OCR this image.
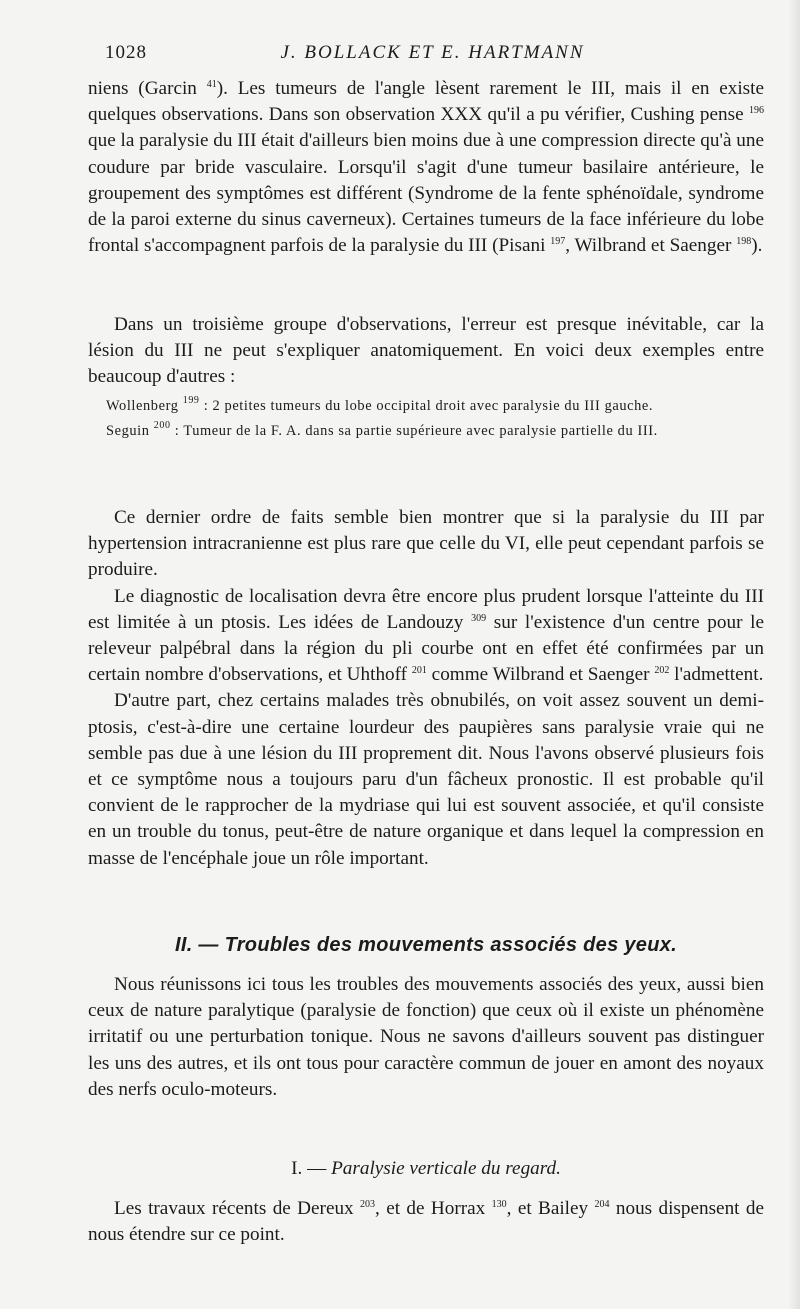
1028	J. BOLLACK ET E. HARTMANN

niens (Garcin $^{41}$). Les tumeurs de l'angle lèsent rarement le III, mais il en existe quelques observations. Dans son observation XXX qu'il a pu vérifier, Cushing pense $^{196}$ que la paralysie du III était d'ailleurs bien moins due à une compression directe qu'à une coudure par bride vasculaire. Lorsqu'il s'agit d'une tumeur basilaire antérieure, le groupement des symptômes est différent (Syndrome de la fente sphénoïdale, syndrome de la paroi externe du sinus caverneux). Certaines tumeurs de la face inférieure du lobe frontal s'accompagnent parfois de la paralysie du III (Pisani $^{197}$, Wilbrand et Saenger $^{198}$).

Dans un troisième groupe d'observations, l'erreur est presque inévitable, car la lésion du III ne peut s'expliquer anatomiquement. En voici deux exemples entre beaucoup d'autres :

Wollenberg $^{199}$ : 2 petites tumeurs du lobe occipital droit avec paralysie du III gauche.

Seguin $^{200}$ : Tumeur de la F. A. dans sa partie supérieure avec paralysie partielle du III.

Ce dernier ordre de faits semble bien montrer que si la paralysie du III par hypertension intracranienne est plus rare que celle du VI, elle peut cependant parfois se produire.

Le diagnostic de localisation devra être encore plus prudent lorsque l'atteinte du III est limitée à un ptosis. Les idées de Landouzy $^{309}$ sur l'existence d'un centre pour le releveur palpébral dans la région du pli courbe ont en effet été confirmées par un certain nombre d'observations, et Uhthoff $^{201}$ comme Wilbrand et Saenger $^{202}$ l'admettent.

D'autre part, chez certains malades très obnubilés, on voit assez souvent un demi-ptosis, c'est-à-dire une certaine lourdeur des paupières sans paralysie vraie qui ne semble pas due à une lésion du III proprement dit. Nous l'avons observé plusieurs fois et ce symptôme nous a toujours paru d'un fâcheux pronostic. Il est probable qu'il convient de le rapprocher de la mydriase qui lui est souvent associée, et qu'il consiste en un trouble du tonus, peut-être de nature organique et dans lequel la compression en masse de l'encéphale joue un rôle important.

II. — Troubles des mouvements associés des yeux.

Nous réunissons ici tous les troubles des mouvements associés des yeux, aussi bien ceux de nature paralytique (paralysie de fonction) que ceux où il existe un phénomène irritatif ou une perturbation tonique. Nous ne savons d'ailleurs souvent pas distinguer les uns des autres, et ils ont tous pour caractère commun de jouer en amont des noyaux des nerfs oculo-moteurs.

I. — Paralysie verticale du regard.

Les travaux récents de Dereux $^{203}$, et de Horrax $^{130}$, et Bailey $^{204}$ nous dispensent de nous étendre sur ce point.
